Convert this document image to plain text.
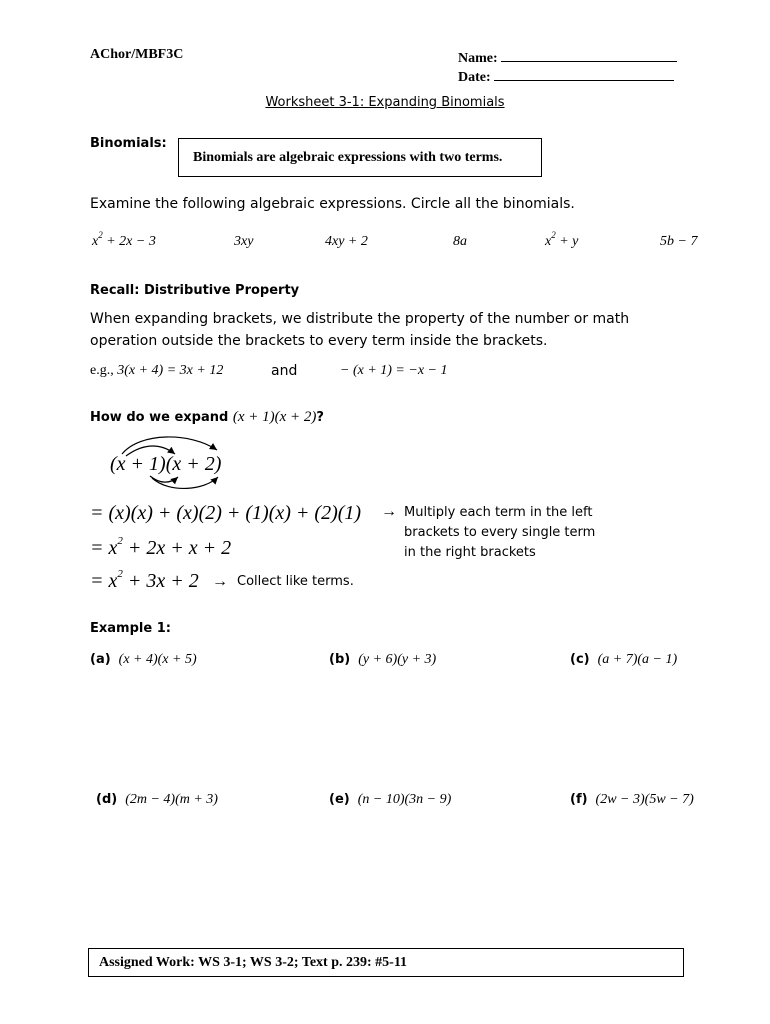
AChor/MBF3C	Name:
Date:
Worksheet 3-1: Expanding Binomials
Binomials:
Binomials are algebraic expressions with two terms.
Examine the following algebraic expressions. Circle all the binomials.
$x^2 + 2x - 3$	3xy	4xy + 2	8a	$x^2 + y$	5b − 7
Recall: Distributive Property
When expanding brackets, we distribute the property of the number or math
operation outside the brackets to every term inside the brackets.
e.g., 3(x + 4) = 3x + 12	and	− (x + 1) = −x − 1
How do we expand (x + 1)(x + 2)?
(x + 1)(x + 2)
= (x)(x) + (x)(2) + (1)(x) + (2)(1) → Multiply each term in the left
brackets to every single term
in the right brackets
= $x^2 + 2x + x + 2$
= $x^2 + 3x + 2$ → Collect like terms.
Example 1:
(a) (x + 4)(x + 5)	(b) (y + 6)(y + 3)	(c) (a + 7)(a − 1)
(d) (2m − 4)(m + 3)	(e) (n − 10)(3n − 9)	(f) (2w − 3)(5w − 7)
Assigned Work: WS 3-1; WS 3-2; Text p. 239: #5-11
